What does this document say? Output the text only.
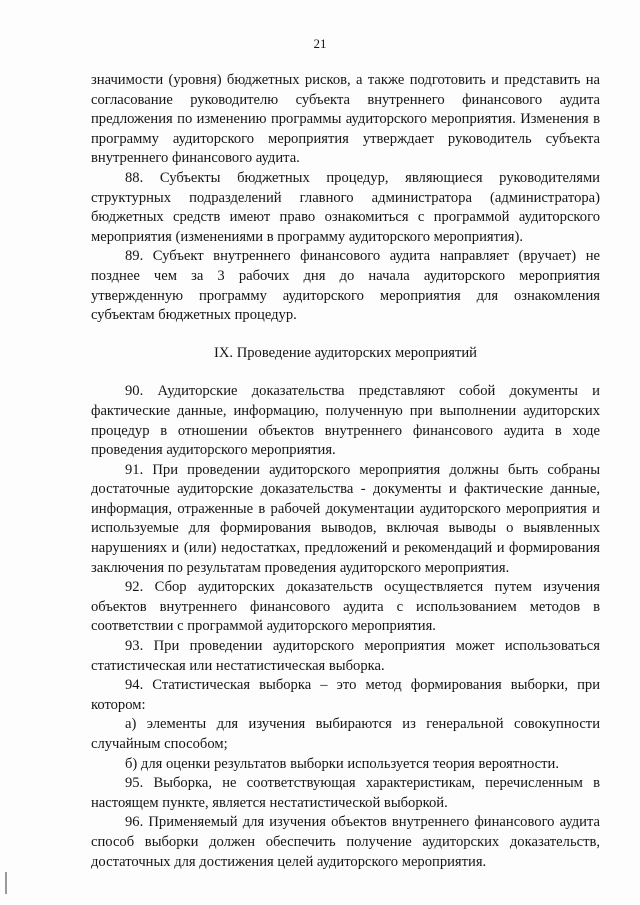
21

значимости (уровня) бюджетных рисков, а также подготовить и представить на согласование руководителю субъекта внутреннего финансового аудита предложения по изменению программы аудиторского мероприятия. Изменения в программу аудиторского мероприятия утверждает руководитель субъекта внутреннего финансового аудита.

88. Субъекты бюджетных процедур, являющиеся руководителями структурных подразделений главного администратора (администратора) бюджетных средств имеют право ознакомиться с программой аудиторского мероприятия (изменениями в программу аудиторского мероприятия).

89. Субъект внутреннего финансового аудита направляет (вручает) не позднее чем за 3 рабочих дня до начала аудиторского мероприятия утвержденную программу аудиторского мероприятия для ознакомления субъектам бюджетных процедур.

IX. Проведение аудиторских мероприятий

90. Аудиторские доказательства представляют собой документы и фактические данные, информацию, полученную при выполнении аудиторских процедур в отношении объектов внутреннего финансового аудита в ходе проведения аудиторского мероприятия.

91. При проведении аудиторского мероприятия должны быть собраны достаточные аудиторские доказательства - документы и фактические данные, информация, отраженные в рабочей документации аудиторского мероприятия и используемые для формирования выводов, включая выводы о выявленных нарушениях и (или) недостатках, предложений и рекомендаций и формирования заключения по результатам проведения аудиторского мероприятия.

92. Сбор аудиторских доказательств осуществляется путем изучения объектов внутреннего финансового аудита с использованием методов в соответствии с программой аудиторского мероприятия.

93. При проведении аудиторского мероприятия может использоваться статистическая или нестатистическая выборка.

94. Статистическая выборка – это метод формирования выборки, при котором:

а) элементы для изучения выбираются из генеральной совокупности случайным способом;

б) для оценки результатов выборки используется теория вероятности.

95. Выборка, не соответствующая характеристикам, перечисленным в настоящем пункте, является нестатистической выборкой.

96. Применяемый для изучения объектов внутреннего финансового аудита способ выборки должен обеспечить получение аудиторских доказательств, достаточных для достижения целей аудиторского мероприятия.
